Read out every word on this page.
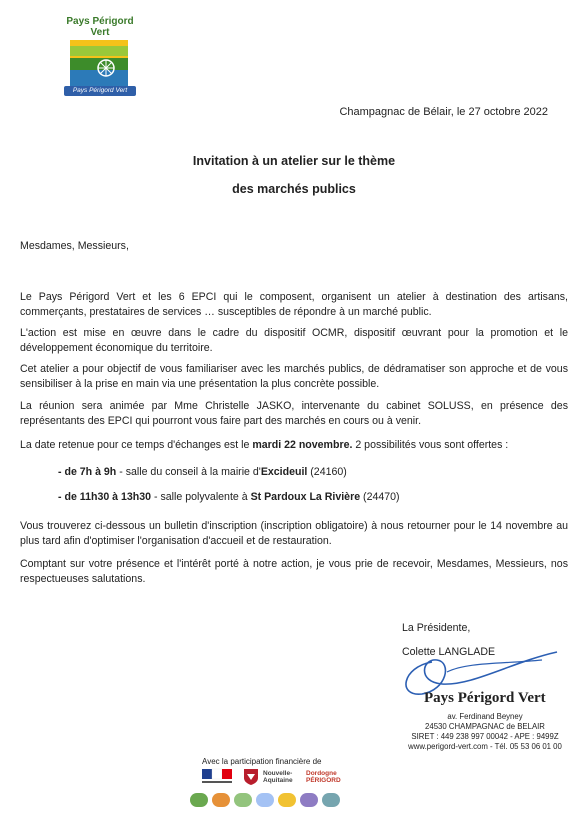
Pays Périgord Vert
Pays Périgord Vert
Champagnac de Bélair, le 27 octobre 2022
Invitation à un atelier sur le thème
des marchés publics
Mesdames, Messieurs,
Le Pays Périgord Vert et les 6 EPCI qui le composent, organisent un atelier à destination des artisans, commerçants, prestataires de services … susceptibles de répondre à un marché public.
L'action est mise en œuvre dans le cadre du dispositif OCMR, dispositif œuvrant pour la promotion et le développement économique du territoire.
Cet atelier a pour objectif de vous familiariser avec les marchés publics, de dédramatiser son approche et de vous sensibiliser à la prise en main via une présentation la plus concrète possible.
La réunion sera animée par Mme Christelle JASKO, intervenante du cabinet SOLUSS, en présence des représentants des EPCI qui pourront vous faire part des marchés en cours ou à venir.
La date retenue pour ce temps d'échanges est le mardi 22 novembre. 2 possibilités vous sont offertes :
- de 7h à 9h - salle du conseil à la mairie d'Excideuil (24160)
- de 11h30 à 13h30 - salle polyvalente à St Pardoux La Rivière (24470)
Vous trouverez ci-dessous un bulletin d'inscription (inscription obligatoire) à nous retourner pour le 14 novembre au plus tard afin d'optimiser l'organisation d'accueil et de restauration.
Comptant sur votre présence et l'intérêt porté à notre action, je vous prie de recevoir, Mesdames, Messieurs, nos respectueuses salutations.
La Présidente,
Colette LANGLADE
Pays Périgord Vert
av. Ferdinand Beyney
24530 CHAMPAGNAC de BELAIR
SIRET : 449 238 997 00042 - APE : 9499Z
www.perigord-vert.com - Tél. 05 53 06 01 00
Avec la participation financière de
Nouvelle-Aquitaine
Dordogne PÉRIGORD
